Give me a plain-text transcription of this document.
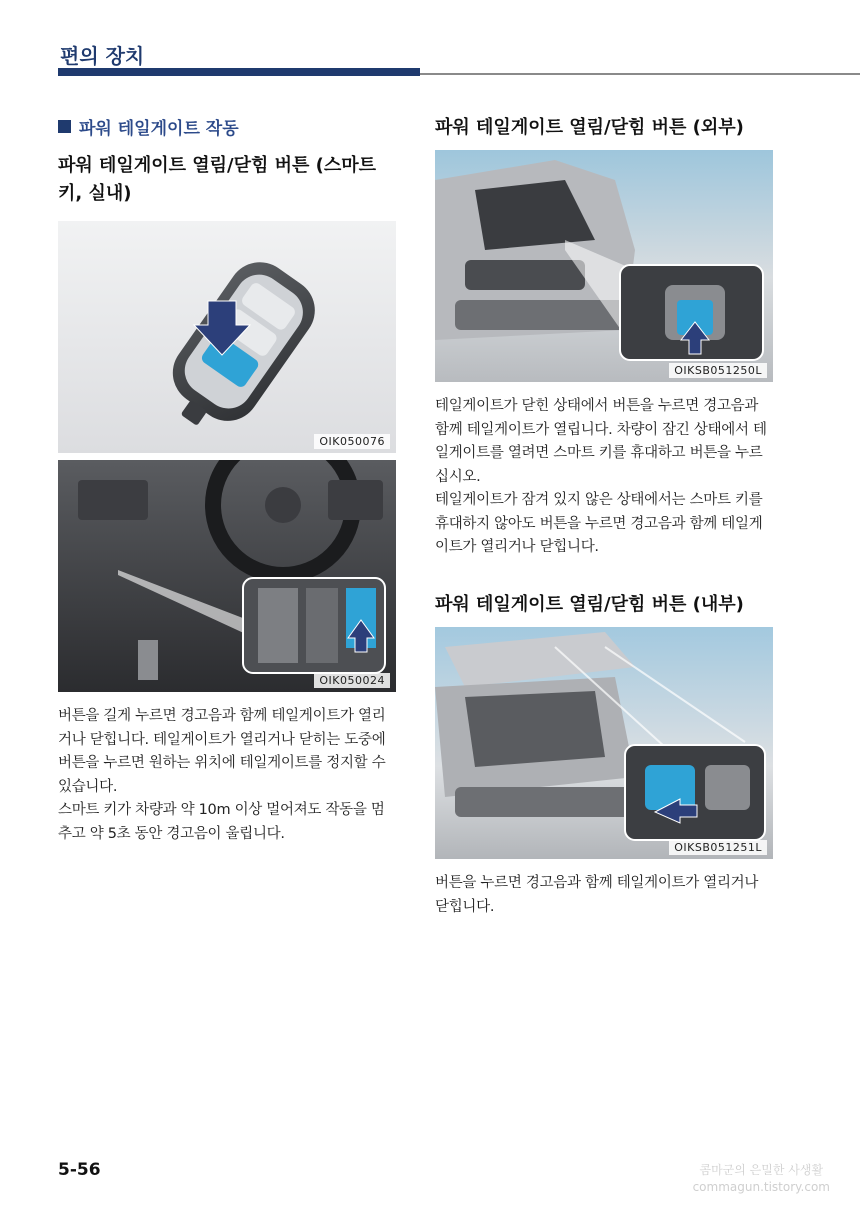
편의 장치
파워 테일게이트 작동
파워 테일게이트 열림/닫힘 버튼 (스마트 키, 실내)
OIK050076
OIK050024

버튼을 길게 누르면 경고음과 함께 테일게이트가 열리거나 닫힙니다. 테일게이트가 열리거나 닫히는 도중에 버튼을 누르면 원하는 위치에 테일게이트를 정지할 수 있습니다.

스마트 키가 차량과 약 10m 이상 멀어져도 작동을 멈추고 약 5초 동안 경고음이 울립니다.

파워 테일게이트 열림/닫힘 버튼 (외부)
OIKSB051250L

테일게이트가 닫힌 상태에서 버튼을 누르면 경고음과 함께 테일게이트가 열립니다. 차량이 잠긴 상태에서 테일게이트를 열려면 스마트 키를 휴대하고 버튼을 누르십시오.

테일게이트가 잠겨 있지 않은 상태에서는 스마트 키를 휴대하지 않아도 버튼을 누르면 경고음과 함께 테일게이트가 열리거나 닫힙니다.

파워 테일게이트 열림/닫힘 버튼 (내부)
OIKSB051251L

버튼을 누르면 경고음과 함께 테일게이트가 열리거나 닫힙니다.

5-56	콤마군의 은밀한 사생활
commagun.tistory.com
